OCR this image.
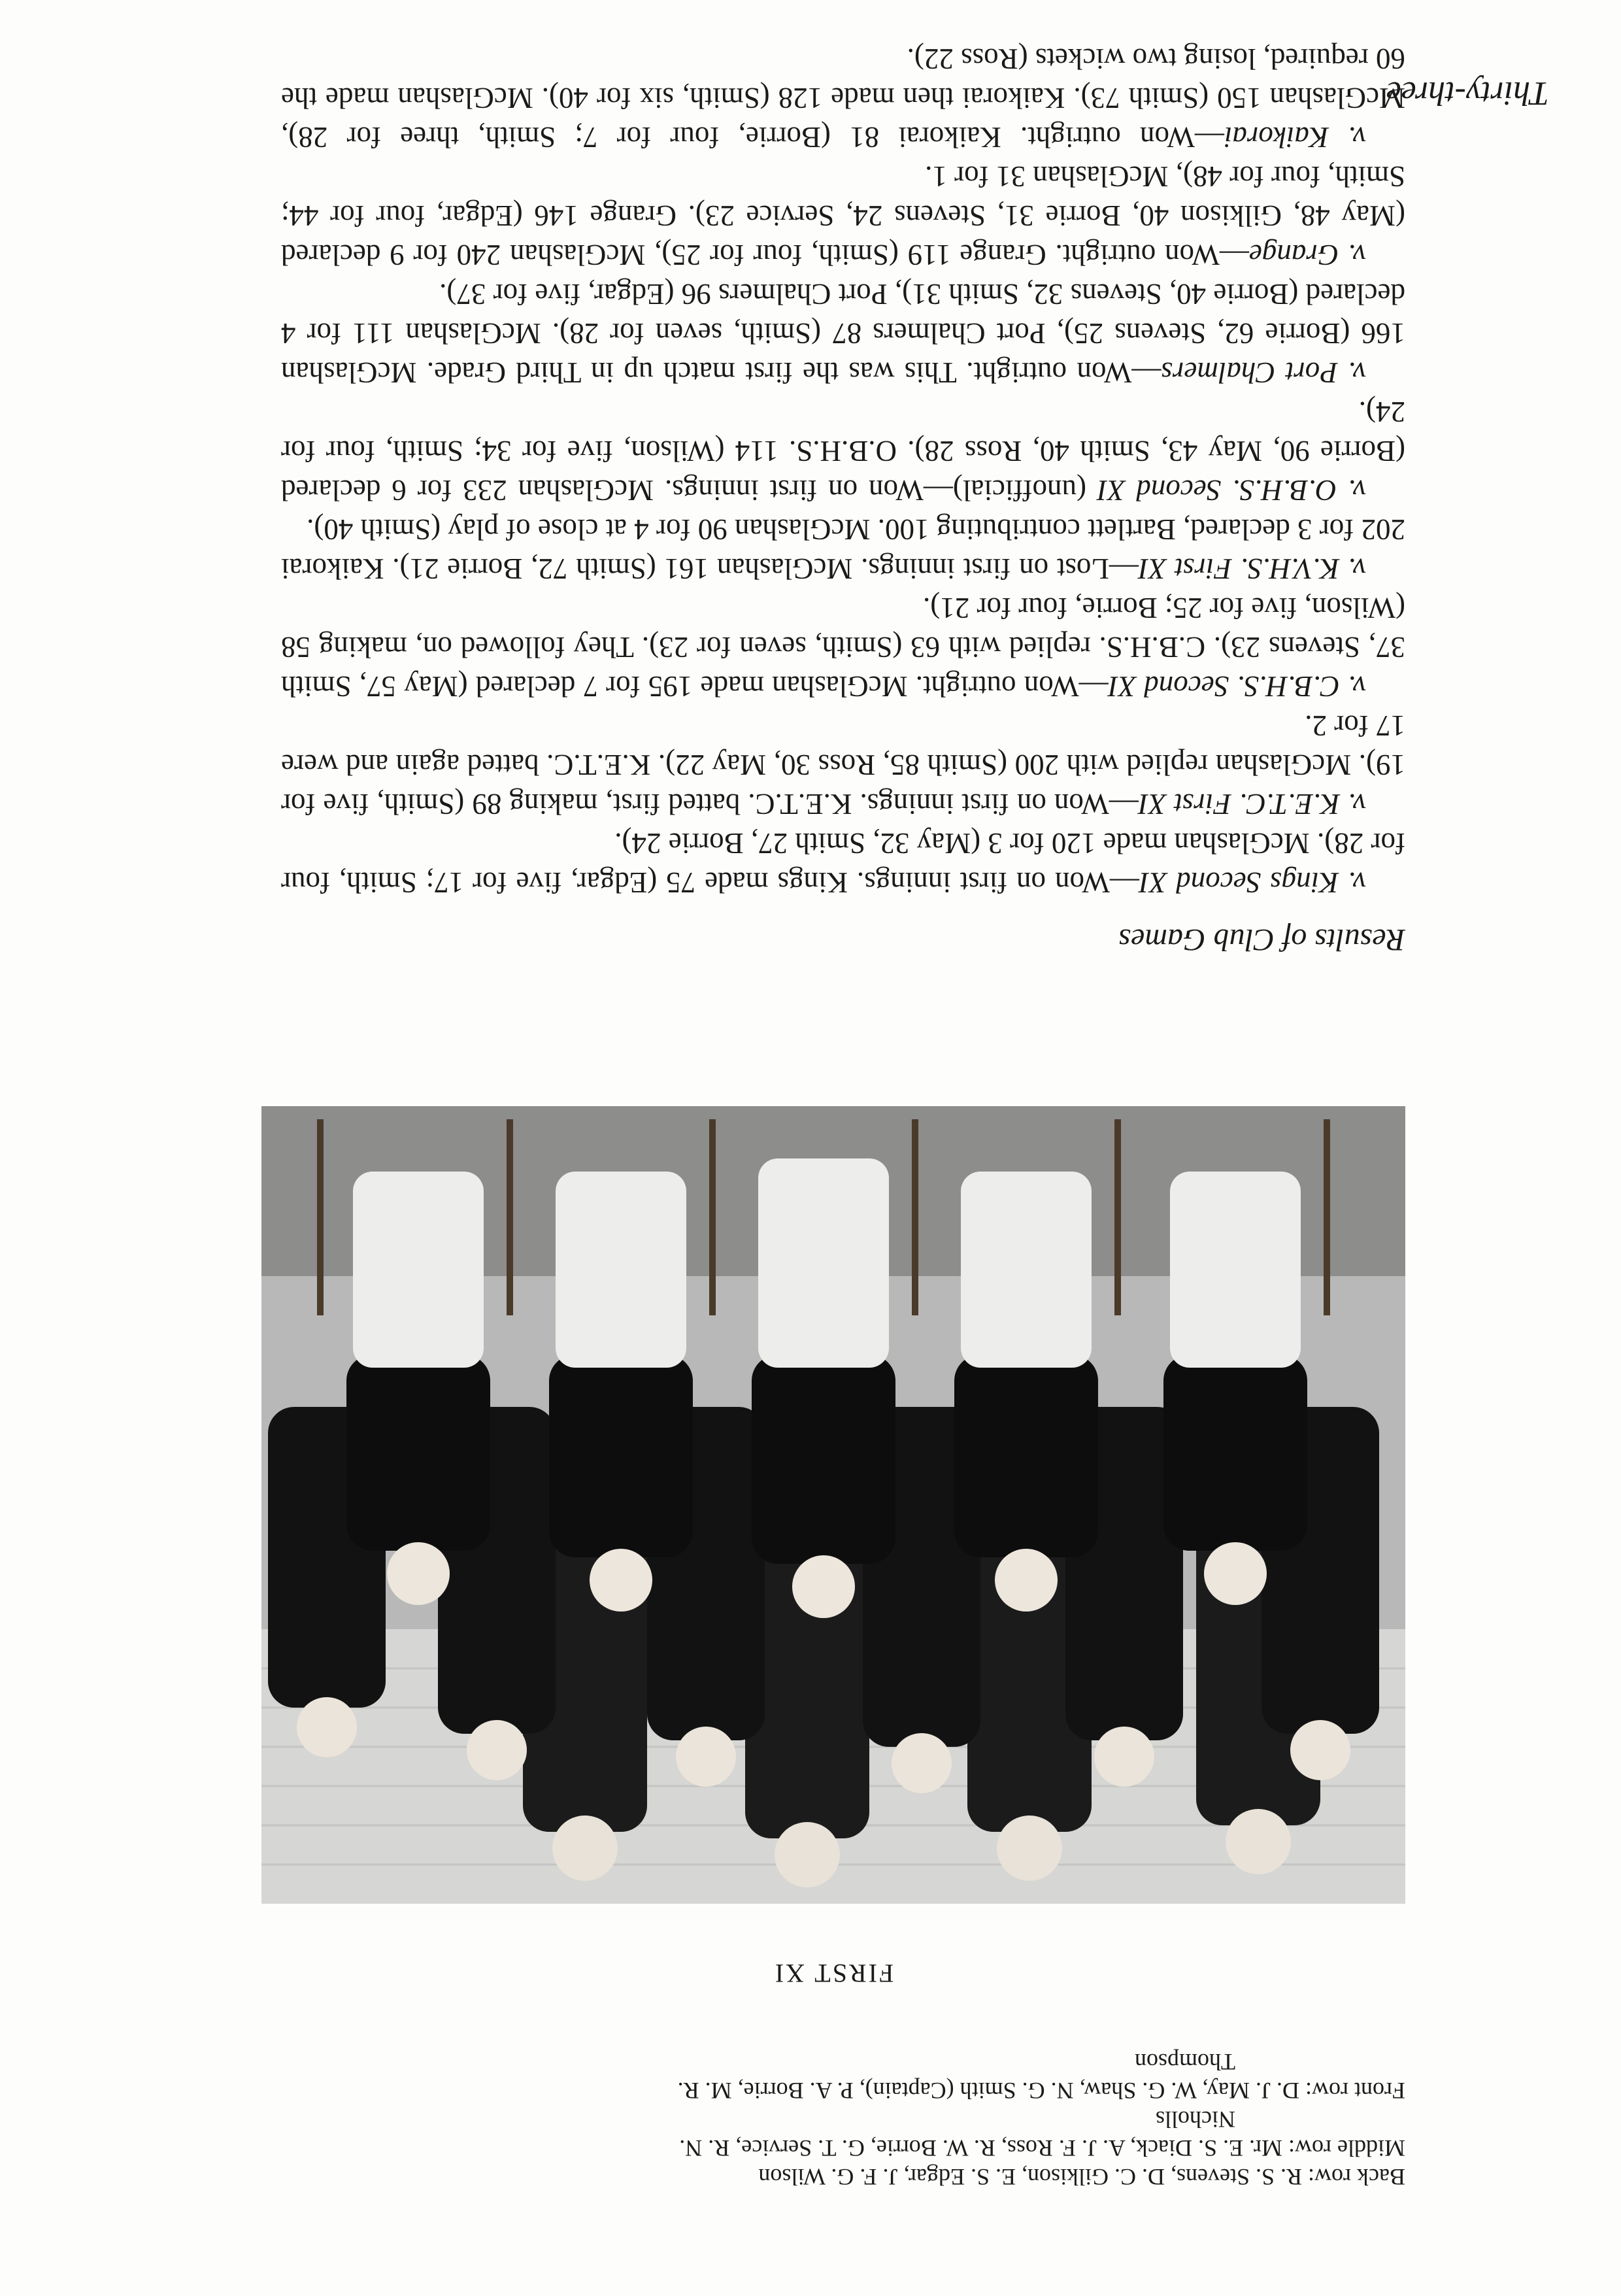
Thirty-three
FIRST XI

Back row: R. S. Stevens, D. C. Gilkison, E. S. Edgar, J. F. G. Wilson

Middle row: Mr. E. S. Diack, A. J. F. Ross, R. W. Borrie, G. T. Service, R. N.

Nicholls

Front row: D. J. May, W. G. Shaw, N. G. Smith (Captain), P. A. Borrie, M. R.

Thompson

Results of Club Games

v. Kings Second XI—Won on first innings. Kings made 75 (Edgar, five for 17; Smith, four for 28). McGlashan made 120 for 3 (May 32, Smith 27, Borrie 24).

v. K.E.T.C. First XI—Won on first innings. K.E.T.C. batted first, making 89 (Smith, five for 19). McGlashan replied with 200 (Smith 85, Ross 30, May 22). K.E.T.C. batted again and were 17 for 2.

v. C.B.H.S. Second XI—Won outright. McGlashan made 195 for 7 declared (May 57, Smith 37, Stevens 23). C.B.H.S. replied with 63 (Smith, seven for 23). They followed on, making 58 (Wilson, five for 25; Borrie, four for 21).

v. K.V.H.S. First XI—Lost on first innings. McGlashan 161 (Smith 72, Borrie 21). Kaikorai 202 for 3 declared, Bartlett contributing 100. McGlashan 90 for 4 at close of play (Smith 40).

v. O.B.H.S. Second XI (unofficial)—Won on first innings. McGlashan 233 for 6 declared (Borrie 90, May 43, Smith 40, Ross 28). O.B.H.S. 114 (Wilson, five for 34; Smith, four for 24).

v. Port Chalmers—Won outright. This was the first match up in Third Grade. McGlashan 166 (Borrie 62, Stevens 25), Port Chalmers 87 (Smith, seven for 28). McGlashan 111 for 4 declared (Borrie 40, Stevens 32, Smith 31), Port Chalmers 96 (Edgar, five for 37).

v. Grange—Won outright. Grange 119 (Smith, four for 25), McGlashan 240 for 9 declared (May 48, Gilkison 40, Borrie 31, Stevens 24, Service 23). Grange 146 (Edgar, four for 44; Smith, four for 48), McGlashan 31 for 1.

v. Kaikorai—Won outright. Kaikorai 81 (Borrie, four for 7; Smith, three for 28), McGlashan 150 (Smith 73). Kaikorai then made 128 (Smith, six for 40). McGlashan made the 60 required, losing two wickets (Ross 22).
